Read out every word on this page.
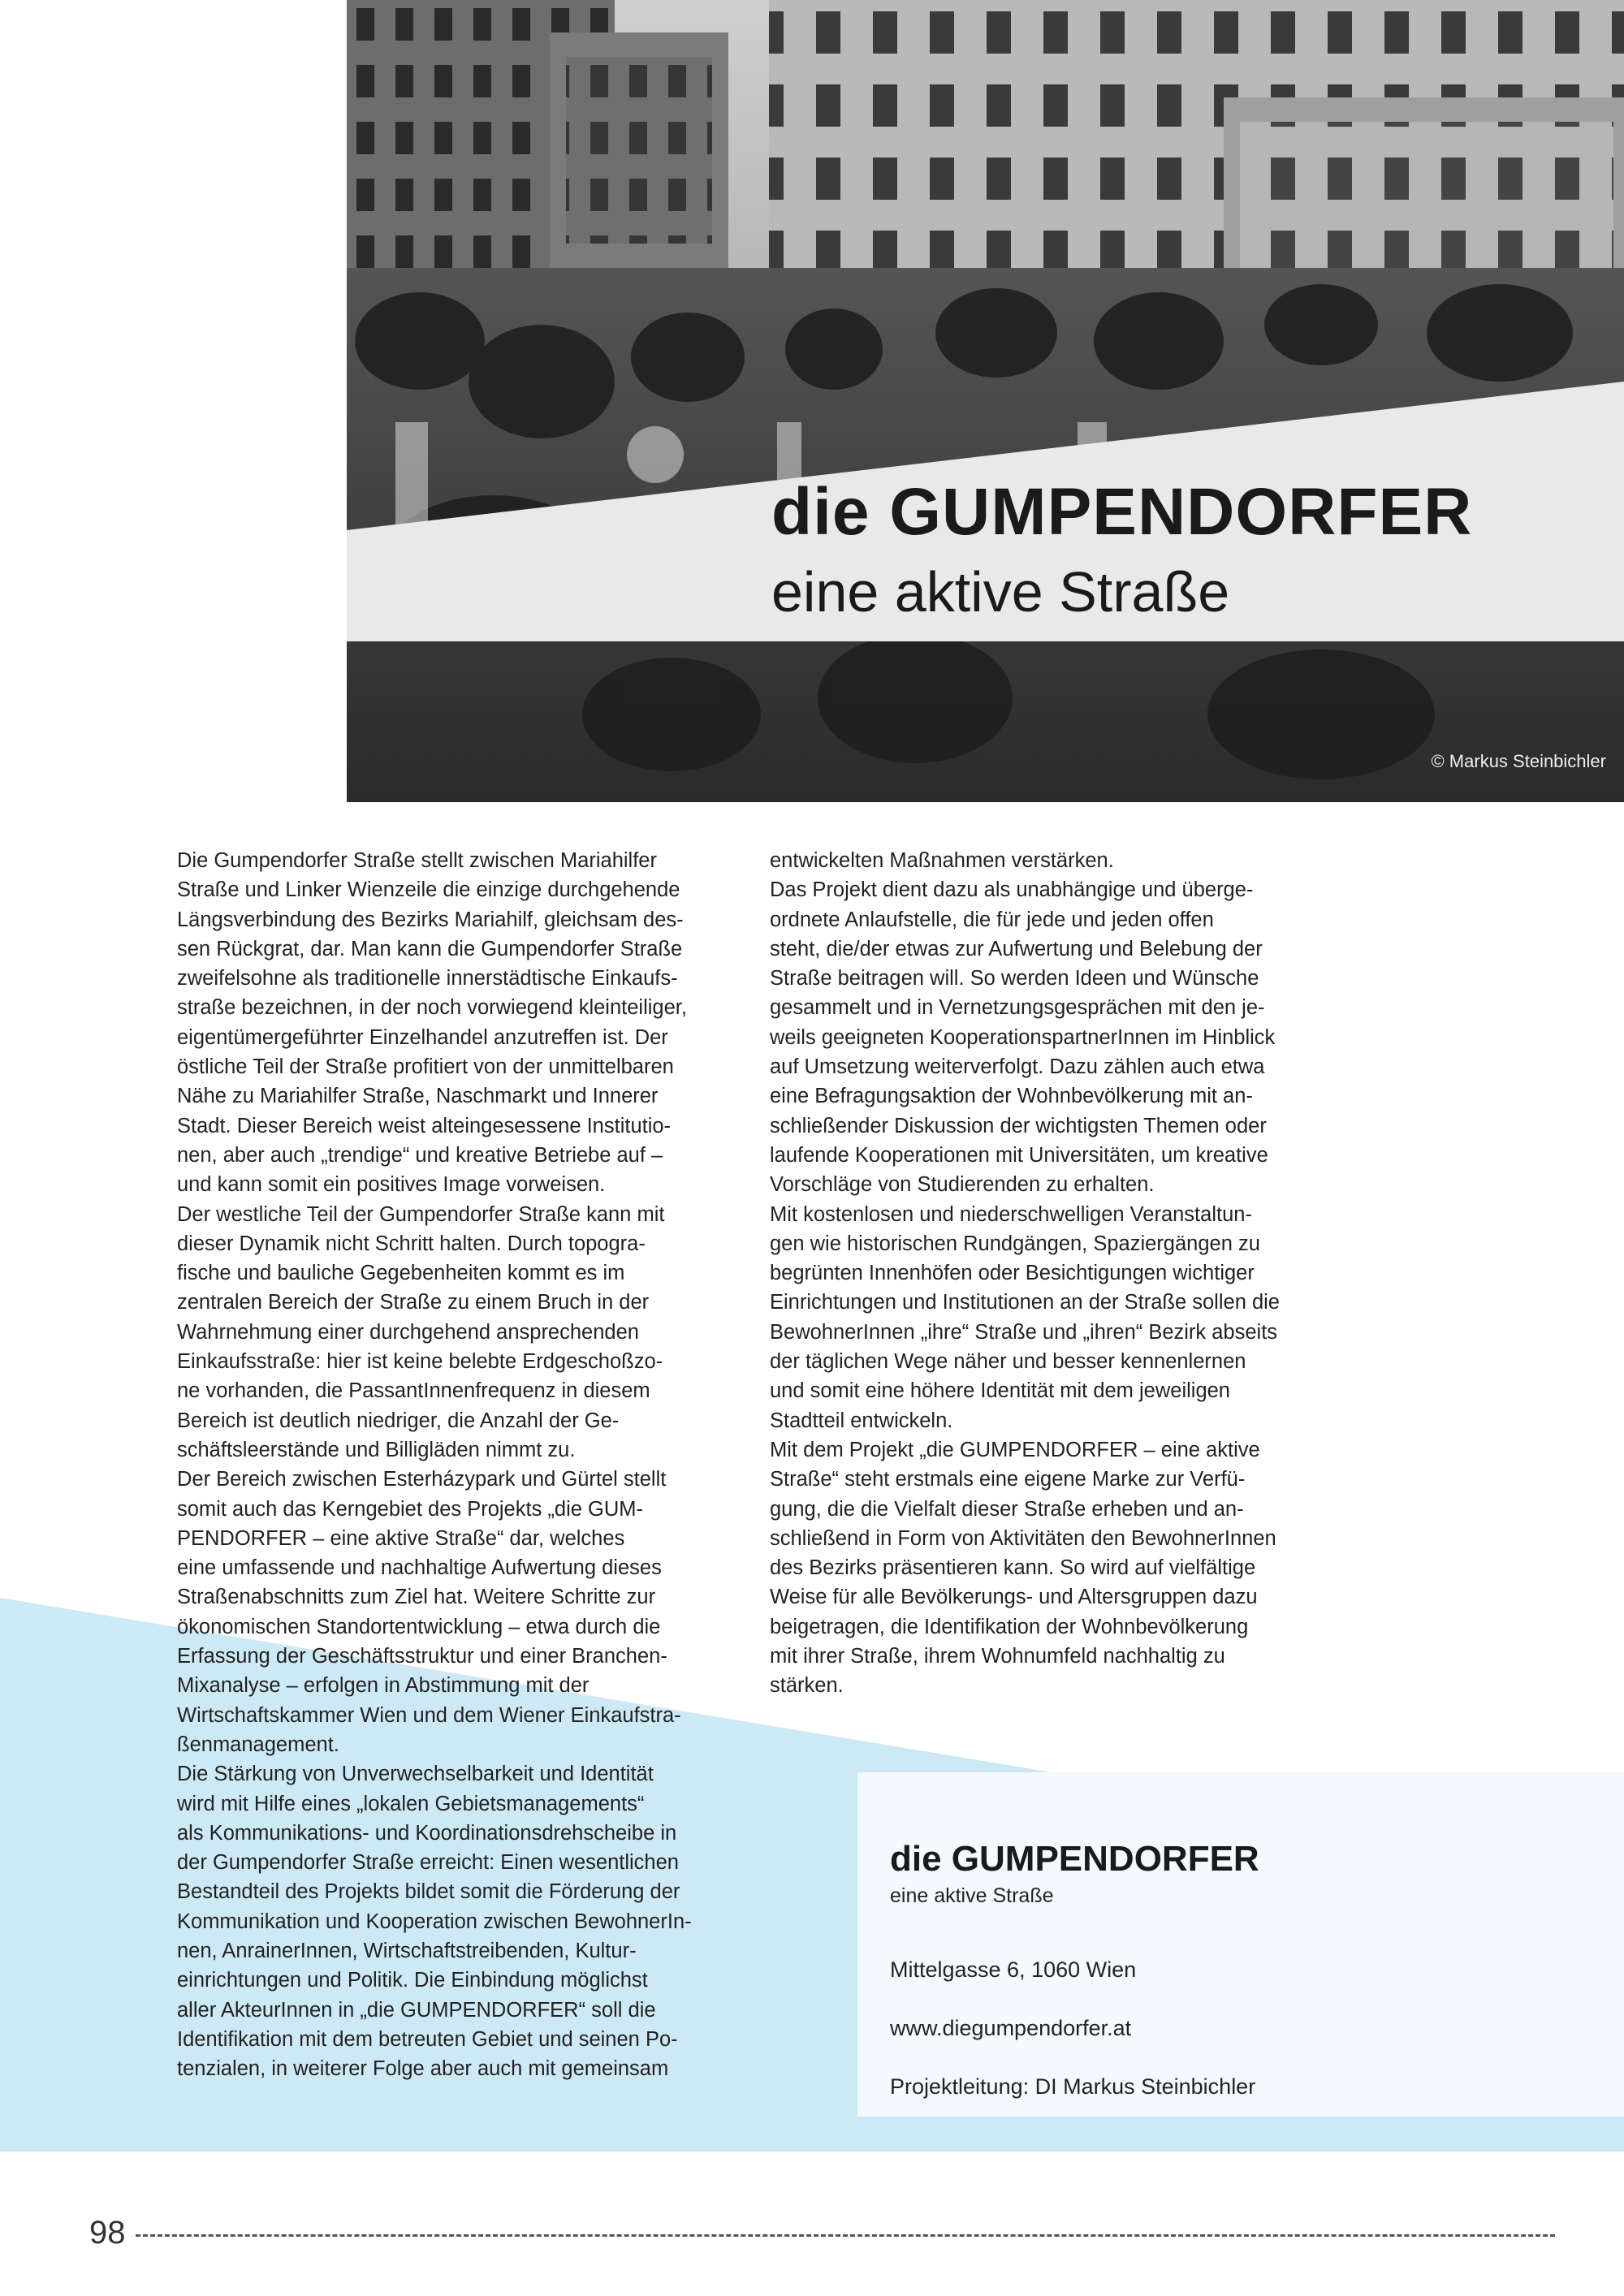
© Markus Steinbichler
die GUMPENDORFER
eine aktive Straße

Die Gumpendorfer Straße stellt zwischen Mariahilfer

Straße und Linker Wienzeile die einzige durchgehende

Längsverbindung des Bezirks Mariahilf, gleichsam des-

sen Rückgrat, dar. Man kann die Gumpendorfer Straße

zweifelsohne als traditionelle innerstädtische Einkaufs-

straße bezeichnen, in der noch vorwiegend kleinteiliger,

eigentümergeführter Einzelhandel anzutreffen ist. Der

östliche Teil der Straße profitiert von der unmittelbaren

Nähe zu Mariahilfer Straße, Naschmarkt und Innerer

Stadt. Dieser Bereich weist alteingesessene Institutio-

nen, aber auch „trendige“ und kreative Betriebe auf –

und kann somit ein positives Image vorweisen.

Der westliche Teil der Gumpendorfer Straße kann mit

dieser Dynamik nicht Schritt halten. Durch topogra-

fische und bauliche Gegebenheiten kommt es im

zentralen Bereich der Straße zu einem Bruch in der

Wahrnehmung einer durchgehend ansprechenden

Einkaufsstraße: hier ist keine belebte Erdgeschoßzo-

ne vorhanden, die PassantInnenfrequenz in diesem

Bereich ist deutlich niedriger, die Anzahl der Ge-

schäftsleerstände und Billigläden nimmt zu.

Der Bereich zwischen Esterházypark und Gürtel stellt

somit auch das Kerngebiet des Projekts „die GUM-

PENDORFER – eine aktive Straße“ dar, welches

eine umfassende und nachhaltige Aufwertung dieses

Straßenabschnitts zum Ziel hat. Weitere Schritte zur

ökonomischen Standortentwicklung – etwa durch die

Erfassung der Geschäftsstruktur und einer Branchen-

Mixanalyse – erfolgen in Abstimmung mit der

Wirtschaftskammer Wien und dem Wiener Einkaufstra-

ßenmanagement.

Die Stärkung von Unverwechselbarkeit und Identität

wird mit Hilfe eines „lokalen Gebietsmanagements“

als Kommunikations- und Koordinationsdrehscheibe in

der Gumpendorfer Straße erreicht: Einen wesentlichen

Bestandteil des Projekts bildet somit die Förderung der

Kommunikation und Kooperation zwischen BewohnerIn-

nen, AnrainerInnen, Wirtschaftstreibenden, Kultur-

einrichtungen und Politik. Die Einbindung möglichst

aller AkteurInnen in „die GUMPENDORFER“ soll die

Identifikation mit dem betreuten Gebiet und seinen Po-

tenzialen, in weiterer Folge aber auch mit gemeinsam

entwickelten Maßnahmen verstärken.

Das Projekt dient dazu als unabhängige und überge-

ordnete Anlaufstelle, die für jede und jeden offen

steht, die/der etwas zur Aufwertung und Belebung der

Straße beitragen will. So werden Ideen und Wünsche

gesammelt und in Vernetzungsgesprächen mit den je-

weils geeigneten KooperationspartnerInnen im Hinblick

auf Umsetzung weiterverfolgt. Dazu zählen auch etwa

eine Befragungsaktion der Wohnbevölkerung mit an-

schließender Diskussion der wichtigsten Themen oder

laufende Kooperationen mit Universitäten, um kreative

Vorschläge von Studierenden zu erhalten.

Mit kostenlosen und niederschwelligen Veranstaltun-

gen wie historischen Rundgängen, Spaziergängen zu

begrünten Innenhöfen oder Besichtigungen wichtiger

Einrichtungen und Institutionen an der Straße sollen die

BewohnerInnen „ihre“ Straße und „ihren“ Bezirk abseits

der täglichen Wege näher und besser kennenlernen

und somit eine höhere Identität mit dem jeweiligen

Stadtteil entwickeln.

Mit dem Projekt „die GUMPENDORFER – eine aktive

Straße“ steht erstmals eine eigene Marke zur Verfü-

gung, die die Vielfalt dieser Straße erheben und an-

schließend in Form von Aktivitäten den BewohnerInnen

des Bezirks präsentieren kann. So wird auf vielfältige

Weise für alle Bevölkerungs- und Altersgruppen dazu

beigetragen, die Identifikation der Wohnbevölkerung

mit ihrer Straße, ihrem Wohnumfeld nachhaltig zu

stärken.

die GUMPENDORFER
eine aktive Straße
Mittelgasse 6, 1060 Wien
www.diegumpendorfer.at
Projektleitung: DI Markus Steinbichler
98
